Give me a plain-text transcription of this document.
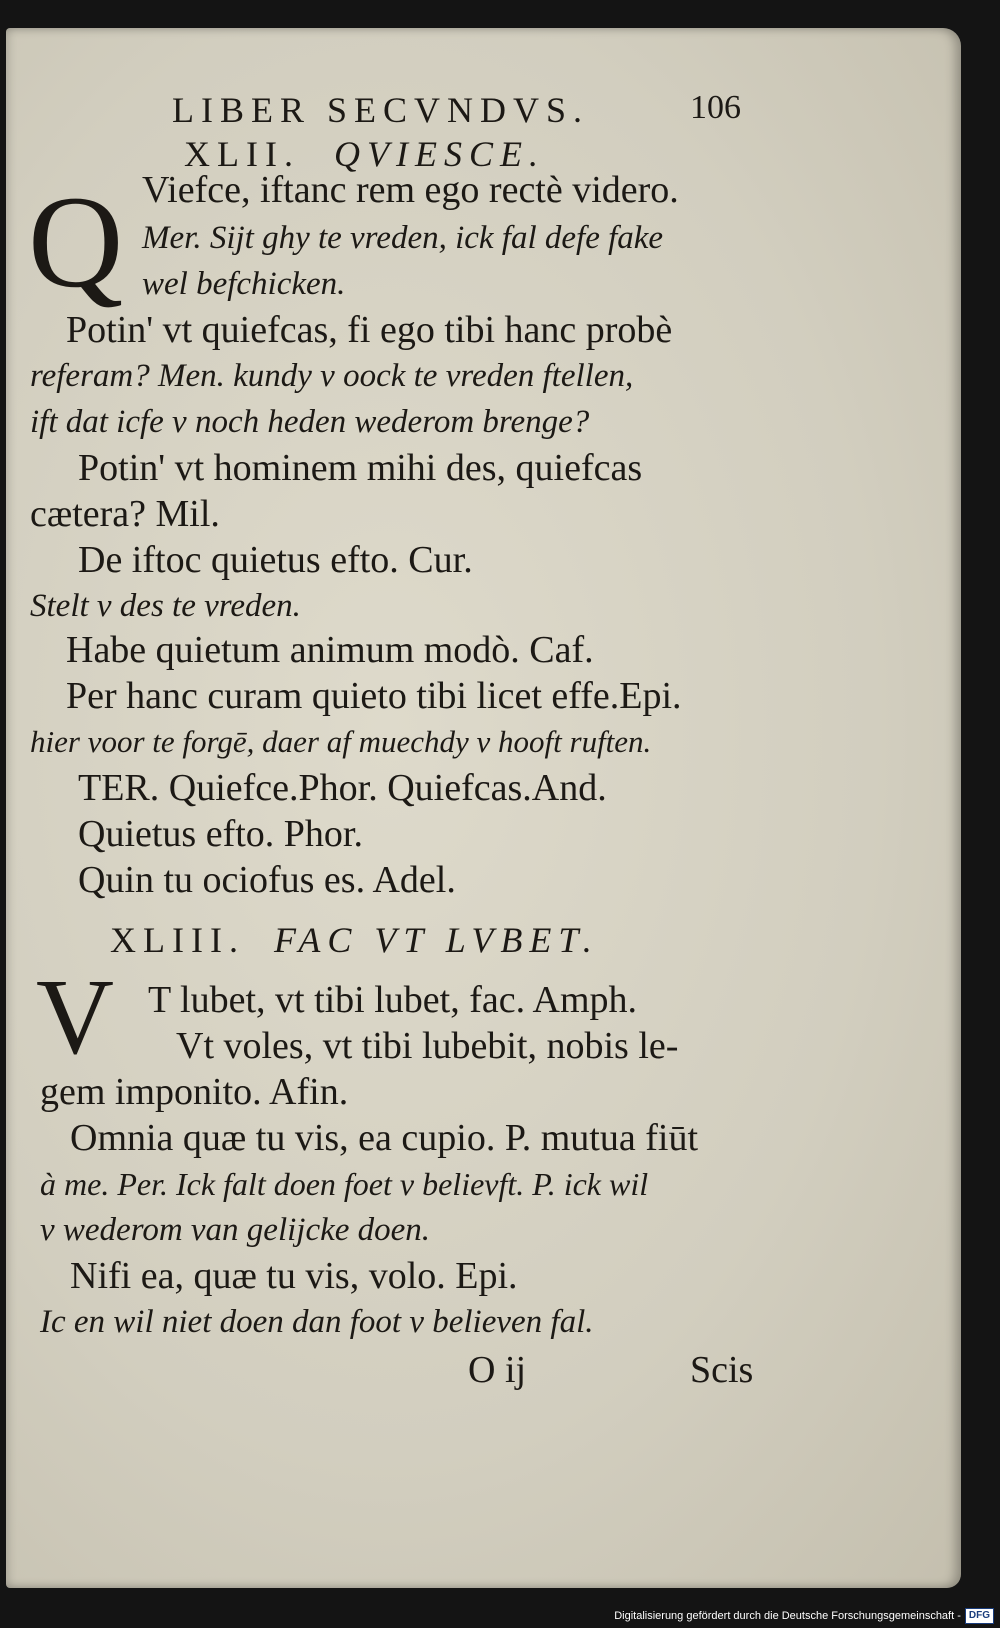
LIBER SECVNDVS.	106
XLII. QVIESCE.
Q Viefce, iftanc rem ego rectè videro.
Mer. Sijt ghy te vreden, ick fal defe fake
wel befchicken.
Potin' vt quiefcas, fi ego tibi hanc probè
referam? Men. kundy v oock te vreden ftellen,
ift dat icfe v noch heden wederom brenge?
Potin' vt hominem mihi des, quiefcas
cætera? Mil.
De iftoc quietus efto. Cur.
Stelt v des te vreden.
Habe quietum animum modò. Caf.
Per hanc curam quieto tibi licet effe.Epi.
hier voor te forgē, daer af muechdy v hooft ruften.
TER. Quiefce.Phor. Quiefcas.And.
Quietus efto. Phor.
Quin tu ociofus es. Adel.
XLIII. FAC VT LVBET.
V T lubet, vt tibi lubet, fac. Amph.
Vt voles, vt tibi lubebit, nobis le-
gem imponito. Afin.
Omnia quæ tu vis, ea cupio. P. mutua fiūt
à me. Per. Ick falt doen foet v believft. P. ick wil
v wederom van gelijcke doen.
Nifi ea, quæ tu vis, volo. Epi.
Ic en wil niet doen dan foot v believen fal.
O ij	Scis
Digitalisierung gefördert durch die Deutsche Forschungsgemeinschaft - DFG
